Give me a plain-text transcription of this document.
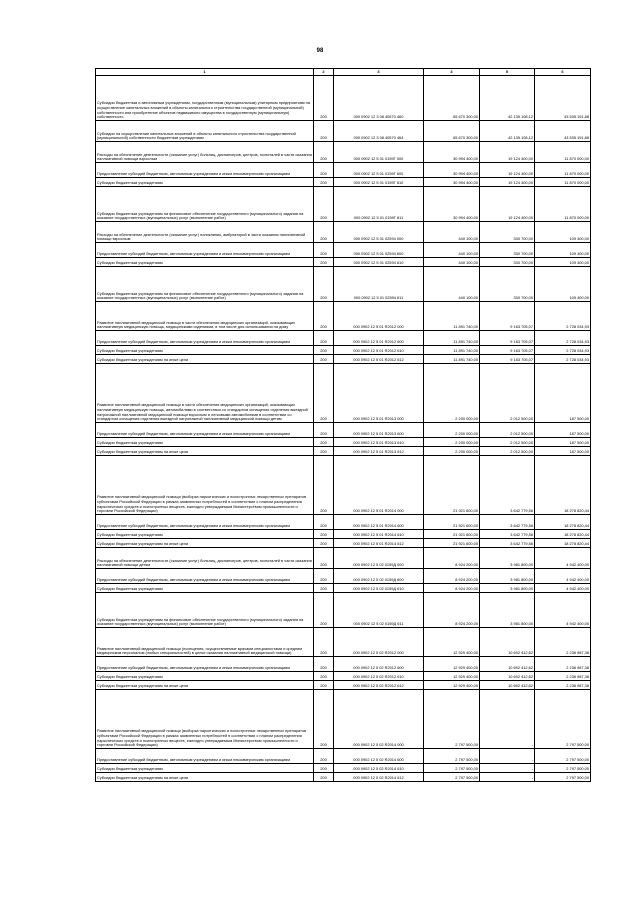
98
1	2	3	4	5	6
Субсидии бюджетным и автономным учреждениям, государственным (муниципальным) унитарным предприятиям на осуществление капитальных вложений в объекты капитального строительства государственной (муниципальной) собственности или приобретение объектов недвижимого имущества в государственную (муниципальную) собственность	200	000 0902 12 3 08 40570 460	65 670 300,00	42 135 108,12	43 535 191,88
Субсидии на осуществление капитальных вложений в объекты капитального строительства государственной (муниципальной) собственности бюджетным учреждениям	200	000 0902 12 3 08 40570 464	65 670 300,00	42 135 108,12	43 535 191,88
Расходы на обеспечение деятельности (оказание услуг) больниц, диспансеров, центров, госпиталей в части оказания паллиативной помощи взрослым	200	000 0902 12 5 01 0159Г 000	30 994 400,00	19 124 400,00	11 870 000,00
Предоставление субсидий бюджетным, автономным учреждениям и иным некоммерческим организациям	200	000 0902 12 5 01 0159Г 600	30 994 400,00	19 124 400,00	11 870 000,00
Субсидии бюджетным учреждениям	200	000 0902 12 5 01 0159Г 610	30 994 400,00	19 124 400,00	11 870 000,00
Субсидии бюджетным учреждениям на финансовое обеспечение государственного (муниципального) задания на оказание государственных (муниципальных) услуг (выполнение работ)	200	000 0902 12 5 01 0159Г 611	30 994 400,00	19 124 400,00	11 870 000,00
Расходы на обеспечение деятельности (оказание услуг) поликлиник, амбулаторий в части оказания паллиативной помощи взрослым	200	000 0902 12 5 01 02594 000	440 100,00	330 700,00	109 400,00
Предоставление субсидий бюджетным, автономным учреждениям и иным некоммерческим организациям	200	000 0902 12 5 01 02594 600	440 100,00	330 700,00	109 400,00
Субсидии бюджетным учреждениям	200	000 0902 12 5 01 02594 610	440 100,00	330 700,00	109 400,00
Субсидии бюджетным учреждениям на финансовое обеспечение государственного (муниципального) задания на оказание государственных (муниципальных) услуг (выполнение работ)	200	000 0902 12 5 01 02594 611	440 100,00	330 700,00	109 400,00
Развитие паллиативной медицинской помощи в части обеспечения медицинских организаций, оказывающих паллиативную медицинскую помощь, медицинскими изделиями, в том числе для использования на дому	200	000 0902 12 5 01 R2012 000	11 891 740,00	9 163 705,07	2 728 034,93
Предоставление субсидий бюджетным, автономным учреждениям и иным некоммерческим организациям	200	000 0902 12 5 01 R2012 600	11 891 740,00	9 163 705,07	2 728 034,93
Субсидии бюджетным учреждениям	200	000 0902 12 5 01 R2012 610	11 891 740,00	9 163 705,07	2 728 034,93
Субсидии бюджетным учреждениям на иные цели	200	000 0902 12 5 01 R2012 612	11 891 740,00	9 163 705,07	2 728 034,93
Развитие паллиативной медицинской помощи в части обеспечения медицинских организаций, оказывающих паллиативную медицинскую помощь, автомобилями в соответствии со стандартом оснащения отделения выездной патронажной паллиативной медицинской помощи взрослым и легковыми автомобилями в соответствии со стандартом оснащения отделения выездной патронажной паллиативной медицинской помощи детям	200	000 0902 12 5 01 R2013 000	2 200 000,00	2 012 500,00	187 500,00
Предоставление субсидий бюджетным, автономным учреждениям и иным некоммерческим организациям	200	000 0902 12 5 01 R2013 600	2 200 000,00	2 012 500,00	187 500,00
Субсидии бюджетным учреждениям	200	000 0902 12 5 01 R2013 610	2 200 000,00	2 012 500,00	187 500,00
Субсидии бюджетным учреждениям на иные цели	200	000 0902 12 5 01 R2013 612	2 200 000,00	2 012 500,00	187 500,00
Развитие паллиативной медицинской помощи (выборка наркотических и психотропных лекарственных препаратов субъектами Российской Федерации в рамках заявленных потребностей в соответствии с планом распределения наркотических средств и психотропных веществ, ежегодно утверждаемым Министерством промышленности и торговли Российской Федерации)	200	000 0902 12 5 01 R2014 000	21 921 600,00	3 642 779,56	18 278 820,44
Предоставление субсидий бюджетным, автономным учреждениям и иным некоммерческим организациям	200	000 0902 12 5 01 R2014 600	21 921 600,00	3 642 779,56	18 278 820,44
Субсидии бюджетным учреждениям	200	000 0902 12 5 01 R2014 610	21 921 600,00	3 642 779,56	18 278 820,44
Субсидии бюджетным учреждениям на иные цели	200	000 0902 12 5 01 R2014 612	21 921 600,00	3 642 779,56	18 278 820,44
Расходы на обеспечение деятельности (оказание услуг) больниц, диспансеров, центров, госпиталей в части оказания паллиативной помощи детям	200	000 0902 12 5 02 0159Д 000	8 924 200,00	3 981 800,00	4 942 400,00
Предоставление субсидий бюджетным, автономным учреждениям и иным некоммерческим организациям	200	000 0902 12 5 02 0159Д 600	8 924 200,00	3 981 800,00	4 942 400,00
Субсидии бюджетным учреждениям	200	000 0902 12 5 02 0159Д 610	8 924 200,00	3 981 800,00	4 942 400,00
Субсидии бюджетным учреждениям на финансовое обеспечение государственного (муниципального) задания на оказание государственных (муниципальных) услуг (выполнение работ)	200	000 0902 12 5 02 0159Д 611	8 924 200,00	3 981 800,00	4 942 400,00
Развитие паллиативной медицинской помощи (посещения, осуществляемые врачами специалистами и средним медицинским персоналом (любых специальностей) в целях оказания паллиативной медицинской помощи)	200	000 0902 12 5 02 R2012 000	12 929 400,00	10 692 412,62	2 236 987,38
Предоставление субсидий бюджетным, автономным учреждениям и иным некоммерческим организациям	200	000 0902 12 5 02 R2012 600	12 929 400,00	10 692 412,62	2 236 987,38
Субсидии бюджетным учреждениям	200	000 0902 12 5 02 R2012 610	12 929 400,00	10 692 412,62	2 236 987,38
Субсидии бюджетным учреждениям на иные цели	200	000 0902 12 5 02 R2012 612	12 929 400,00	10 692 412,62	2 236 987,38
Развитие паллиативной медицинской помощи (выборка наркотических и психотропных лекарственных препаратов субъектами Российской Федерации в рамках заявленных потребностей в соответствии с планом распределения наркотических средств и психотропных веществ, ежегодно утверждаемым Министерством промышленности и торговли Российской Федерации)	200	000 0902 12 5 02 R2014 000	2 797 500,00	-	2 797 500,00
Предоставление субсидий бюджетным, автономным учреждениям и иным некоммерческим организациям	200	000 0902 12 5 02 R2014 600	2 797 500,00	-	2 797 500,00
Субсидии бюджетным учреждениям	200	000 0902 12 5 02 R2014 610	2 797 500,00	-	2 797 500,00
Субсидии бюджетным учреждениям на иные цели	200	000 0902 12 5 02 R2014 612	2 797 500,00	-	2 797 500,00
